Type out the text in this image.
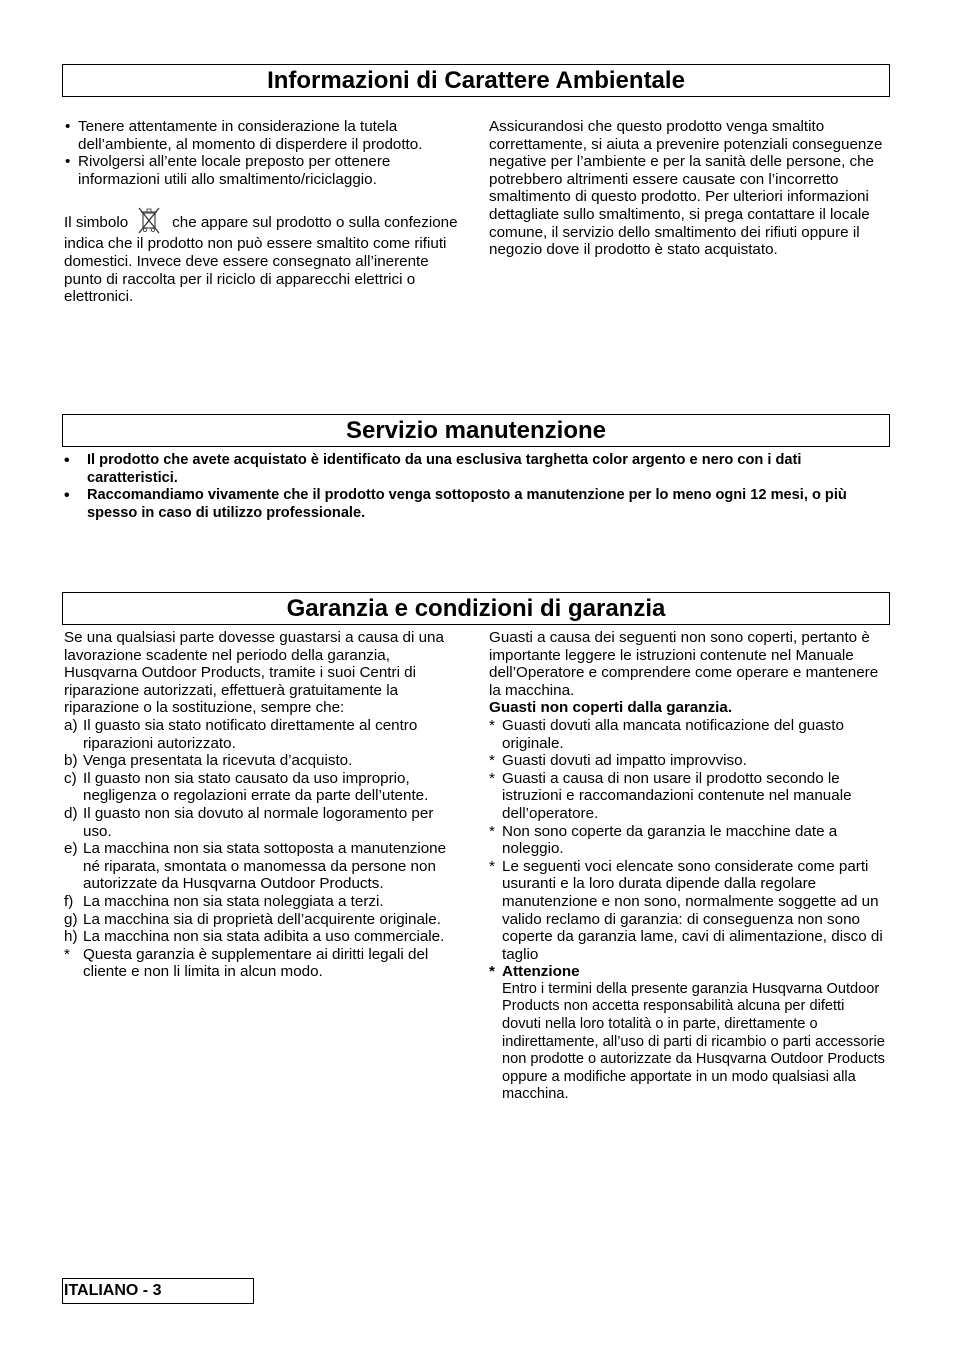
Informazioni di Carattere Ambientale

• Tenere attentamente in considerazione la tutela dell’ambiente, al momento di disperdere il prodotto.

• Rivolgersi all’ente locale preposto per ottenere informazioni utili allo smaltimento/riciclaggio.

Il simbolo	che appare sul prodotto o sulla confezione indica che il prodotto non può essere smaltito come rifiuti domestici. Invece deve essere consegnato all’inerente punto di raccolta per il riciclo di apparecchi elettrici o elettronici.

Assicurandosi che questo prodotto venga smaltito correttamente, si aiuta a prevenire potenziali conseguenze negative per l’ambiente e per la sanità delle persone, che potrebbero altrimenti essere causate con l’incorretto smaltimento di questo prodotto. Per ulteriori informazioni dettagliate sullo smaltimento, si prega contattare il locale comune, il servizio dello smaltimento dei rifiuti oppure il negozio dove il prodotto è stato acquistato.

Servizio manutenzione

• Il prodotto che avete acquistato è identificato da una esclusiva targhetta color argento e nero con i dati caratteristici.

• Raccomandiamo vivamente che il prodotto venga sottoposto a manutenzione per lo meno ogni 12 mesi, o più spesso in caso di utilizzo professionale.

Garanzia e condizioni di garanzia

Se una qualsiasi parte dovesse guastarsi a causa di una lavorazione scadente nel periodo della garanzia, Husqvarna Outdoor Products, tramite i suoi Centri di riparazione autorizzati, effettuerà gratuitamente la riparazione o la sostituzione, sempre che:

a) Il guasto sia stato notificato direttamente al centro riparazioni autorizzato.
b) Venga presentata la ricevuta d’acquisto.
c) Il guasto non sia stato causato da uso improprio, negligenza o regolazioni errate da parte dell’utente.
d) Il guasto non sia dovuto al normale logoramento per uso.
e) La macchina non sia stata sottoposta a manutenzione né riparata, smontata o manomessa da persone non autorizzate da Husqvarna Outdoor Products.
f) La macchina non sia stata noleggiata a terzi.
g) La macchina sia di proprietà dell’acquirente originale.
h) La macchina non sia stata adibita a uso commerciale.
* Questa garanzia è supplementare ai diritti legali del cliente e non li limita in alcun modo.

Guasti a causa dei seguenti non sono coperti, pertanto è importante leggere le istruzioni contenute nel Manuale dell’Operatore e comprendere come operare e mantenere la macchina.

Guasti non coperti dalla garanzia.

* Guasti dovuti alla mancata notificazione del guasto originale.

* Guasti dovuti ad impatto improvviso.

* Guasti a causa di non usare il prodotto secondo le istruzioni e raccomandazioni contenute nel manuale dell’operatore.

* Non sono coperte da garanzia le macchine date a noleggio.

* Le seguenti voci elencate sono considerate come parti usuranti e la loro durata dipende dalla regolare manutenzione e non sono, normalmente soggette ad un valido reclamo di garanzia: di conseguenza non sono coperte da garanzia lame, cavi di alimentazione, disco di taglio

* Attenzione

Entro i termini della presente garanzia Husqvarna Outdoor Products non accetta responsabilità alcuna per difetti dovuti nella loro totalità o in parte, direttamente o indirettamente, all’uso di parti di ricambio o parti accessorie non prodotte o autorizzate da Husqvarna Outdoor Products oppure a modifiche apportate in un modo qualsiasi alla macchina.

ITALIANO - 3
